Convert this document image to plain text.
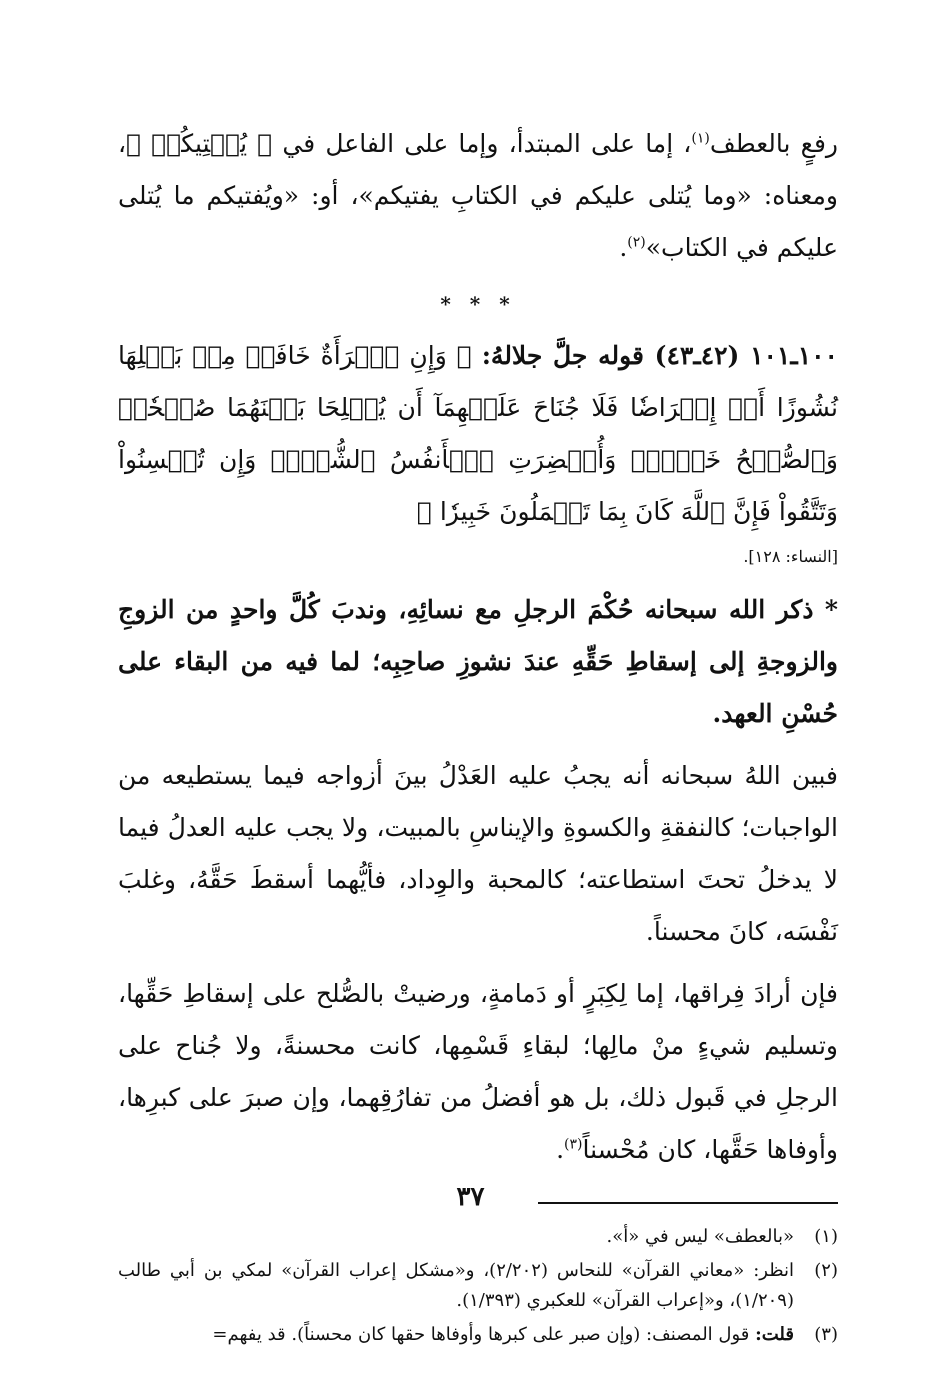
رفعٍ بالعطف$^{(١)}$، إما على المبتدأ، وإما على الفاعل في ﴿ يُفۡتِيكُمۡ ﴾، ومعناه: «وما يُتلى عليكم في الكتابِ يفتيكم»، أو: «ويُفتيكم ما يُتلى عليكم في الكتاب»$^{(٢)}$.

* * *
١٠٠ـ١٠١ (٤٢ـ٤٣) قوله جلَّ جلالهُ: ﴿ وَإِنِ ٱمۡرَأَةٌ خَافَتۡ مِنۢ بَعۡلِهَا نُشُوزًا أَوۡ إِعۡرَاضٗا فَلَا جُنَاحَ عَلَيۡهِمَآ أَن يُصۡلِحَا بَيۡنَهُمَا صُلۡحٗاۚ وَٱلصُّلۡحُ خَيۡرٞۗ وَأُحۡضِرَتِ ٱلۡأَنفُسُ ٱلشُّحَّۚ وَإِن تُحۡسِنُواْ وَتَتَّقُواْ فَإِنَّ ٱللَّهَ كَانَ بِمَا تَعۡمَلُونَ خَبِيرٗا ﴾
[النساء: ١٢٨].

* ذكر الله سبحانه حُكْمَ الرجلِ مع نسائِهِ، وندبَ كُلَّ واحدٍ من الزوجِ والزوجةِ إلى إسقاطِ حَقِّهِ عندَ نشوزِ صاحِبِه؛ لما فيه من البقاء على حُسْنِ العهد.

فبين اللهُ سبحانه أنه يجبُ عليه العَدْلُ بينَ أزواجه فيما يستطيعه من الواجبات؛ كالنفقةِ والكسوةِ والإيناسِ بالمبيت، ولا يجب عليه العدلُ فيما لا يدخلُ تحتَ استطاعته؛ كالمحبة والوِداد، فأيُّهما أسقطَ حَقَّهُ، وغلبَ نَفْسَه، كانَ محسناً.

فإن أرادَ فِراقها، إما لِكِبَرٍ أو دَمامةٍ، ورضيتْ بالصُّلح على إسقاطِ حَقِّها، وتسليم شيءٍ منْ مالِها؛ لبقاءِ قَسْمِها، كانت محسنةً، ولا جُناح على الرجلِ في قَبول ذلك، بل هو أفضلُ من تفارُقِهما، وإن صبرَ على كبرِها، وأوفاها حَقَّها، كان مُحْسناً$^{(٣)}$.

(١)
«بالعطف» ليس في «أ».
(٢)
انظر: «معاني القرآن» للنحاس (٢/٢٠٢)، و«مشكل إعراب القرآن» لمكي بن أبي طالب (١/٢٠٩)، و«إعراب القرآن» للعكبري (١/٣٩٣).
(٣)
قلت: قول المصنف: (وإن صبر على كبرها وأوفاها حقها كان محسناً). قد يفهم=
٣٧
